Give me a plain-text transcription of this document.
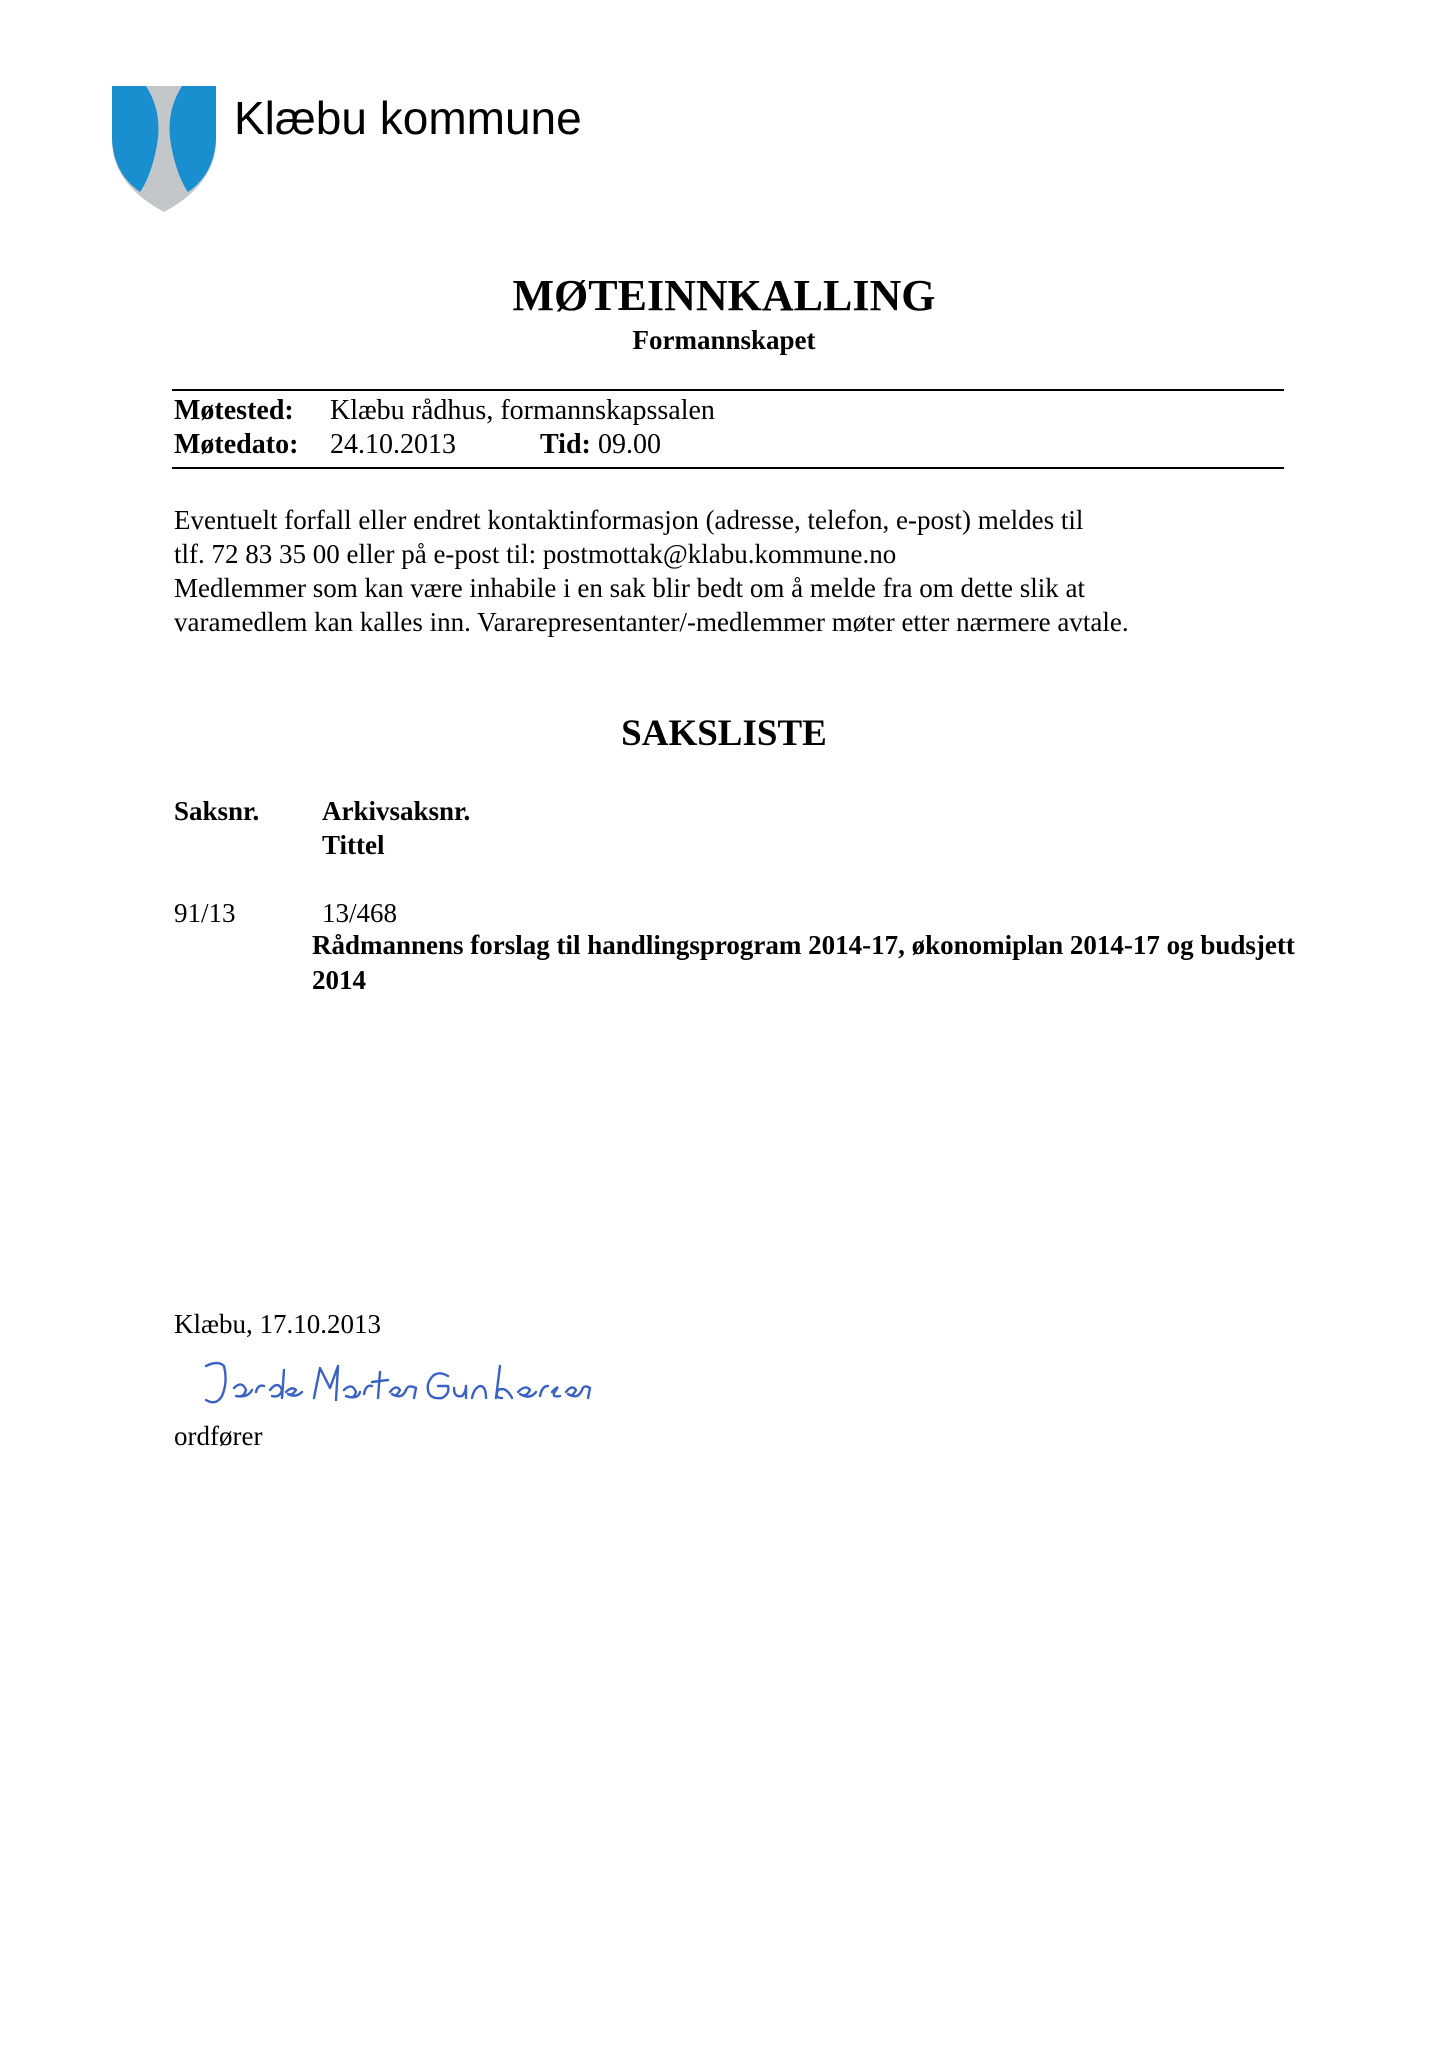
Klæbu kommune
MØTEINNKALLING
Formannskapet
Møtested: Klæbu rådhus, formannskapssalen
Møtedato: 24.10.2013	Tid: 09.00
Eventuelt forfall eller endret kontaktinformasjon (adresse, telefon, e-post) meldes til
tlf. 72 83 35 00 eller på e-post til: postmottak@klabu.kommune.no
Medlemmer som kan være inhabile i en sak blir bedt om å melde fra om dette slik at
varamedlem kan kalles inn. Vararepresentanter/-medlemmer møter etter nærmere avtale.
SAKSLISTE
Saksnr. Arkivsaksnr.
Tittel
91/13	13/468
Rådmannens forslag til handlingsprogram 2014-17, økonomiplan 2014-17 og budsjett 2014
Klæbu, 17.10.2013
ordfører
